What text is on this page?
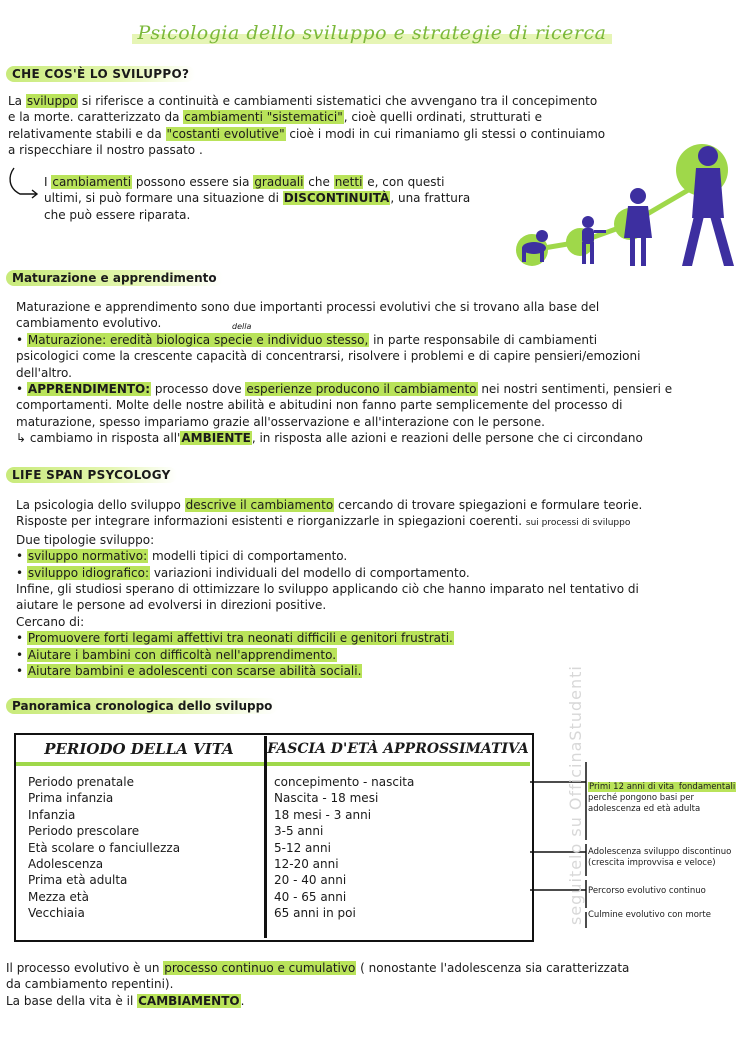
Psicologia dello sviluppo e strategie di ricerca
CHE COS'È LO SVILUPPO?
La sviluppo si riferisce a continuità e cambiamenti sistematici che avvengano tra il concepimento
e la morte. caratterizzato da cambiamenti "sistematici", cioè quelli ordinati, strutturati e
relativamente stabili e da "costanti evolutive" cioè i modi in cui rimaniamo gli stessi o continuiamo
a rispecchiare il nostro passato .
I cambiamenti possono essere sia graduali che netti e, con questi
ultimi, si può formare una situazione di DISCONTINUITÀ, una frattura
che può essere riparata.
Maturazione e apprendimento
della
Maturazione e apprendimento sono due importanti processi evolutivi che si trovano alla base del
cambiamento evolutivo.
• Maturazione: eredità biologica specie e individuo stesso, in parte responsabile di cambiamenti
psicologici come la crescente capacità di concentrarsi, risolvere i problemi e di capire pensieri/emozioni
dell'altro.
• APPRENDIMENTO: processo dove esperienze producono il cambiamento nei nostri sentimenti, pensieri e
comportamenti. Molte delle nostre abilità e abitudini non fanno parte semplicemente del processo di
maturazione, spesso impariamo grazie all'osservazione e all'interazione con le persone.
↳ cambiamo in risposta all'AMBIENTE, in risposta alle azioni e reazioni delle persone che ci circondano
LIFE SPAN PSYCOLOGY
La psicologia dello sviluppo descrive il cambiamento cercando di trovare spiegazioni e formulare teorie.
Risposte per integrare informazioni esistenti e riorganizzarle in spiegazioni coerenti. sui processi di sviluppo
Due tipologie sviluppo:
• sviluppo normativo: modelli tipici di comportamento.
• sviluppo idiografico: variazioni individuali del modello di comportamento.
Infine, gli studiosi sperano di ottimizzare lo sviluppo applicando ciò che hanno imparato nel tentativo di
aiutare le persone ad evolversi in direzioni positive.
Cercano di:
• Promuovere forti legami affettivi tra neonati difficili e genitori frustrati.
• Aiutare i bambini con difficoltà nell'apprendimento.
• Aiutare bambini e adolescenti con scarse abilità sociali.
Panoramica cronologica dello sviluppo
PERIODO DELLA VITA	FASCIA D'ETÀ APPROSSIMATIVA
Periodo prenatale
Prima infanzia
Infanzia
Periodo prescolare
Età scolare o fanciullezza
Adolescenza
Prima età adulta
Mezza età
Vecchiaia
concepimento - nascita
Nascita - 18 mesi
18 mesi - 3 anni
3-5 anni
5-12 anni
12-20 anni
20 - 40 anni
40 - 65 anni
65 anni in poi
Primi 12 anni di vita fondamentali perché pongono basi per adolescenza ed età adulta
Adolescenza sviluppo discontinuo (crescita improvvisa e veloce)
Percorso evolutivo continuo
Culmine evolutivo con morte
Il processo evolutivo è un processo continuo e cumulativo ( nonostante l'adolescenza sia caratterizzata
da cambiamento repentini).
La base della vita è il CAMBIAMENTO.
seguitelo su OfficinaStudenti
